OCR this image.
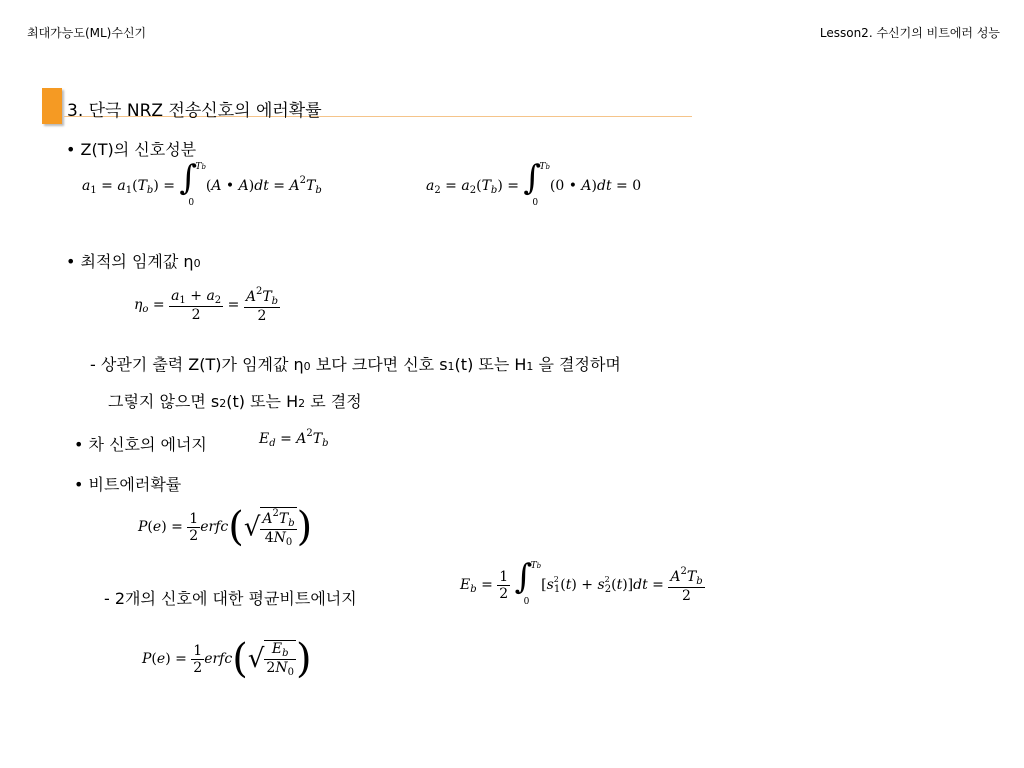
최대가능도(ML)수신기	Lesson2. 수신기의 비트에러 성능
3. 단극 NRZ 전송신호의 에러확률
• Z(T)의 신호성분
$a_1 = a_1(T_b)$ = ∫
Tb
0
(A • $A)dt = A^2T_b$	$a_2 = a_2(T_b)$ = ∫
Tb
0
(0 • A)dt = 0
• 최적의 임계값 η0
$\eta_o = \frac{a_1 + a_2}{2} = \frac{A^2T_b}{2}$
- 상관기 출력 Z(T)가 임계값 η0 보다 크다면 신호 s1(t) 또는 H1 을 결정하며
그렇지 않으면 s2(t) 또는 H2 로 결정
• 차 신호의 에너지	$E_d = A^2T_b$
• 비트에러확률
$P(e) = \frac{1}{2}$ erfc(√ $\frac{A^2T_b}{4N_0}$ )
- 2개의 신호에 대한 평균비트에너지
$E_b = \frac{1}{2}$
∫
Tb
0
$[s^2_1(t) + s^2_2(t)]dt = \frac{A^2T_b}{2}$
$P(e) = \frac{1}{2}$ erfc(√ $\frac{E_b}{2N_0}$ )
